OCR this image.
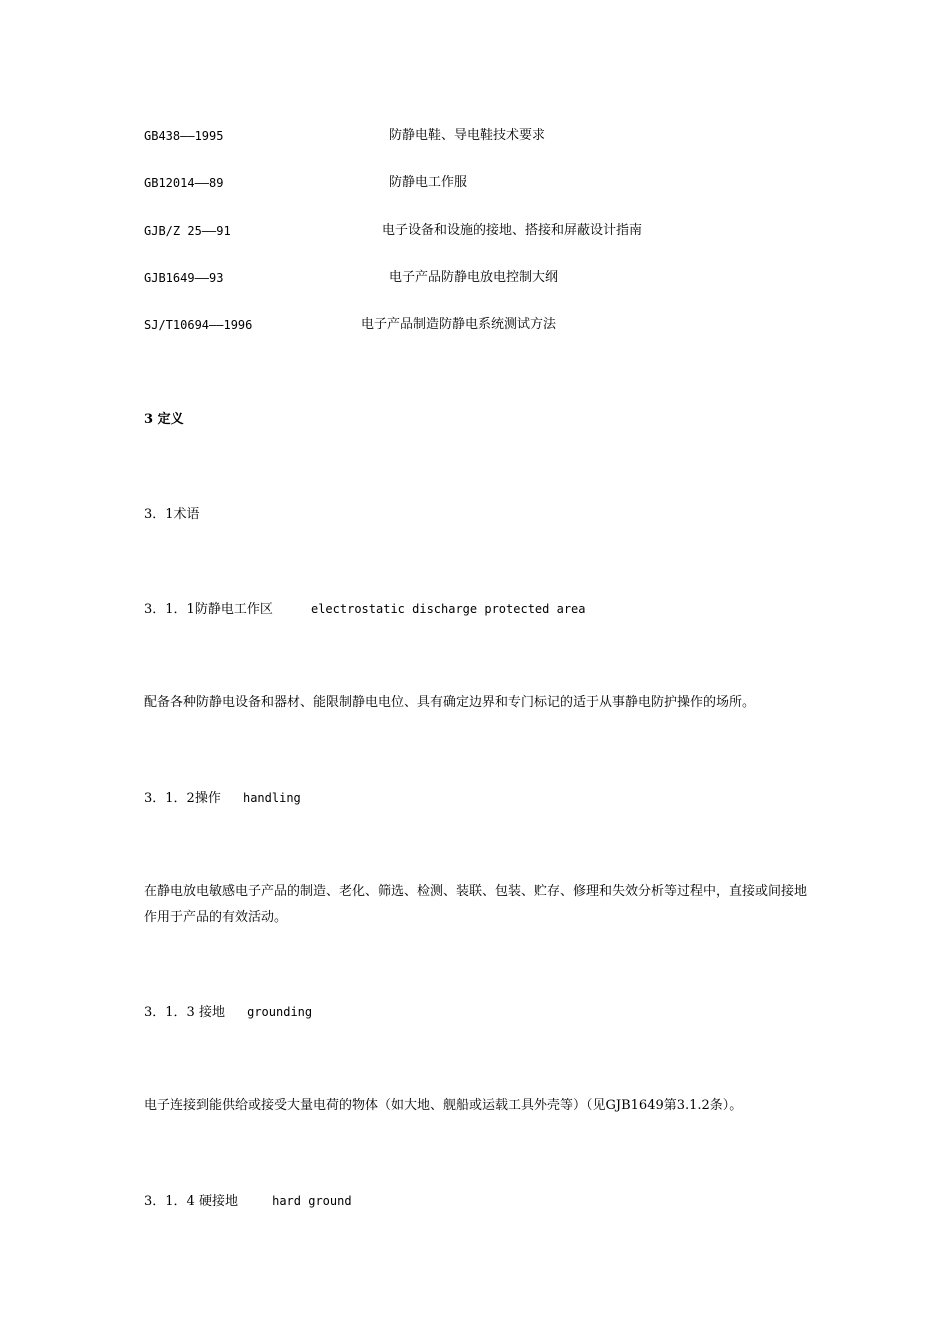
GB438——1995	防静电鞋、导电鞋技术要求
GB12014——89	防静电工作服
GJB/Z 25——91	电子设备和设施的接地、搭接和屏蔽设计指南
GJB1649——93	电子产品防静电放电控制大纲
SJ/T10694——1996	电子产品制造防静电系统测试方法
3 定义
3．1术语
3．1．1防静电工作区	electrostatic discharge protected area
配备各种防静电设备和器材、能限制静电电位、具有确定边界和专门标记的适于从事静电防护操作的场所。
3．1．2操作 handling
在静电放电敏感电子产品的制造、老化、筛选、检测、装联、包装、贮存、修理和失效分析等过程中，直接或间接地作用于产品的有效活动。
3．1．3 接地 grounding
电子连接到能供给或接受大量电荷的物体（如大地、舰船或运载工具外壳等）（见GJB1649第3.1.2条）。
3．1．4 硬接地	hard ground
